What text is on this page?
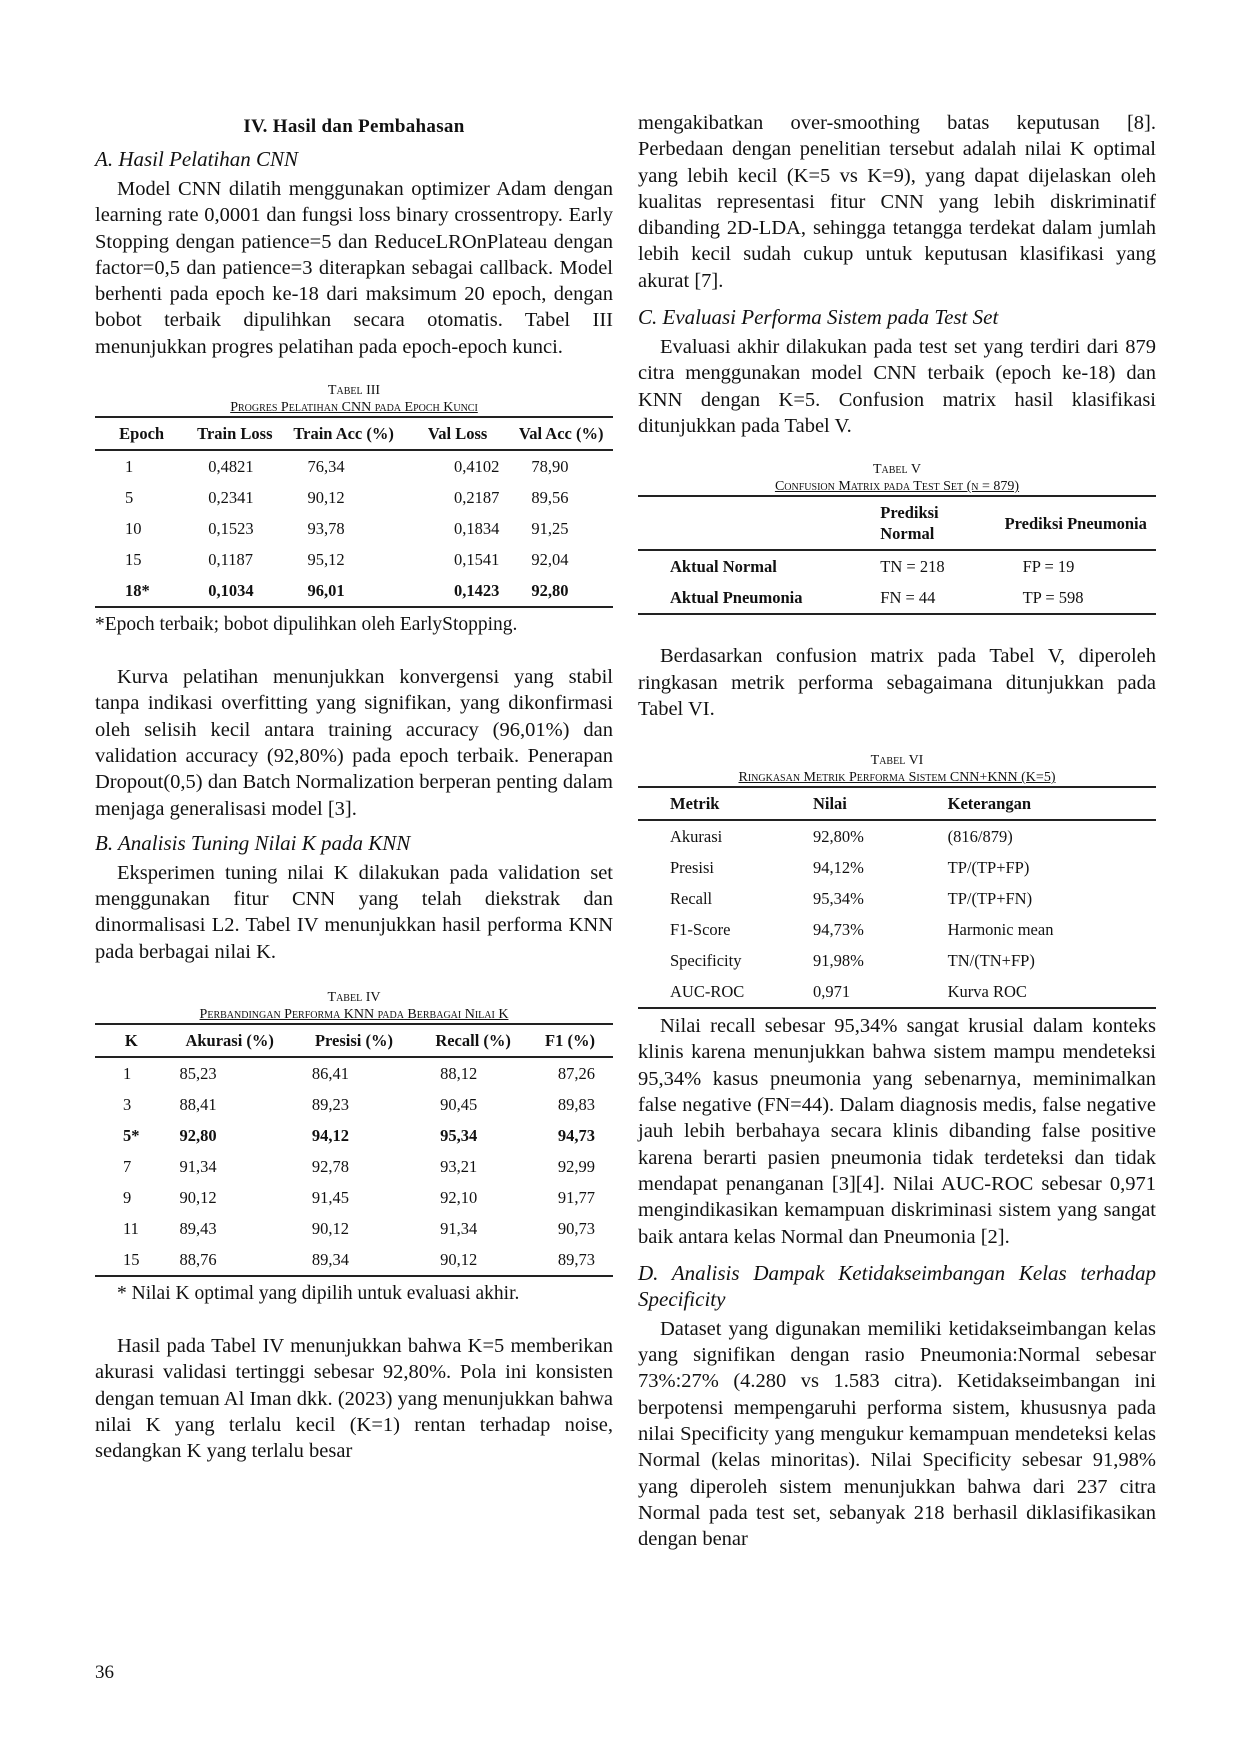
IV. Hasil dan Pembahasan
A. Hasil Pelatihan CNN

Model CNN dilatih menggunakan optimizer Adam dengan learning rate 0,0001 dan fungsi loss binary crossentropy. Early Stopping dengan patience=5 dan ReduceLROnPlateau dengan factor=0,5 dan patience=3 diterapkan sebagai callback. Model berhenti pada epoch ke-18 dari maksimum 20 epoch, dengan bobot terbaik dipulihkan secara otomatis. Tabel III menunjukkan progres pelatihan pada epoch-epoch kunci.

Tabel III
Progres Pelatihan CNN pada Epoch Kunci
Epoch	Train Loss	Train Acc (%)	Val Loss	Val Acc (%)
1	0,4821	76,34	0,4102	78,90
5	0,2341	90,12	0,2187	89,56
10	0,1523	93,78	0,1834	91,25
15	0,1187	95,12	0,1541	92,04
18*	0,1034	96,01	0,1423	92,80
*Epoch terbaik; bobot dipulihkan oleh EarlyStopping.

Kurva pelatihan menunjukkan konvergensi yang stabil tanpa indikasi overfitting yang signifikan, yang dikonfirmasi oleh selisih kecil antara training accuracy (96,01%) dan validation accuracy (92,80%) pada epoch terbaik. Penerapan Dropout(0,5) dan Batch Normalization berperan penting dalam menjaga generalisasi model [3].

B. Analisis Tuning Nilai K pada KNN

Eksperimen tuning nilai K dilakukan pada validation set menggunakan fitur CNN yang telah diekstrak dan dinormalisasi L2. Tabel IV menunjukkan hasil performa KNN pada berbagai nilai K.

Tabel IV
Perbandingan Performa KNN pada Berbagai Nilai K
K	Akurasi (%)	Presisi (%)	Recall (%)	F1 (%)
1	85,23	86,41	88,12	87,26
3	88,41	89,23	90,45	89,83
5*	92,80	94,12	95,34	94,73
7	91,34	92,78	93,21	92,99
9	90,12	91,45	92,10	91,77
11	89,43	90,12	91,34	90,73
15	88,76	89,34	90,12	89,73
* Nilai K optimal yang dipilih untuk evaluasi akhir.

Hasil pada Tabel IV menunjukkan bahwa K=5 memberikan akurasi validasi tertinggi sebesar 92,80%. Pola ini konsisten dengan temuan Al Iman dkk. (2023) yang menunjukkan bahwa nilai K yang terlalu kecil (K=1) rentan terhadap noise, sedangkan K yang terlalu besar

mengakibatkan over-smoothing batas keputusan [8]. Perbedaan dengan penelitian tersebut adalah nilai K optimal yang lebih kecil (K=5 vs K=9), yang dapat dijelaskan oleh kualitas representasi fitur CNN yang lebih diskriminatif dibanding 2D-LDA, sehingga tetangga terdekat dalam jumlah lebih kecil sudah cukup untuk keputusan klasifikasi yang akurat [7].

C. Evaluasi Performa Sistem pada Test Set

Evaluasi akhir dilakukan pada test set yang terdiri dari 879 citra menggunakan model CNN terbaik (epoch ke-18) dan KNN dengan K=5. Confusion matrix hasil klasifikasi ditunjukkan pada Tabel V.

Tabel V
Confusion Matrix pada Test Set (n = 879)
	Prediksi Normal	Prediksi Pneumonia
Aktual Normal	TN = 218	FP = 19
Aktual Pneumonia	FN = 44	TP = 598

Berdasarkan confusion matrix pada Tabel V, diperoleh ringkasan metrik performa sebagaimana ditunjukkan pada Tabel VI.

Tabel VI
Ringkasan Metrik Performa Sistem CNN+KNN (K=5)
Metrik	Nilai	Keterangan
Akurasi	92,80%	(816/879)
Presisi	94,12%	TP/(TP+FP)
Recall	95,34%	TP/(TP+FN)
F1-Score	94,73%	Harmonic mean
Specificity	91,98%	TN/(TN+FP)
AUC-ROC	0,971	Kurva ROC

Nilai recall sebesar 95,34% sangat krusial dalam konteks klinis karena menunjukkan bahwa sistem mampu mendeteksi 95,34% kasus pneumonia yang sebenarnya, meminimalkan false negative (FN=44). Dalam diagnosis medis, false negative jauh lebih berbahaya secara klinis dibanding false positive karena berarti pasien pneumonia tidak terdeteksi dan tidak mendapat penanganan [3][4]. Nilai AUC-ROC sebesar 0,971 mengindikasikan kemampuan diskriminasi sistem yang sangat baik antara kelas Normal dan Pneumonia [2].

D. Analisis Dampak Ketidakseimbangan Kelas terhadap Specificity

Dataset yang digunakan memiliki ketidakseimbangan kelas yang signifikan dengan rasio Pneumonia:Normal sebesar 73%:27% (4.280 vs 1.583 citra). Ketidakseimbangan ini berpotensi mempengaruhi performa sistem, khususnya pada nilai Specificity yang mengukur kemampuan mendeteksi kelas Normal (kelas minoritas). Nilai Specificity sebesar 91,98% yang diperoleh sistem menunjukkan bahwa dari 237 citra Normal pada test set, sebanyak 218 berhasil diklasifikasikan dengan benar

36
